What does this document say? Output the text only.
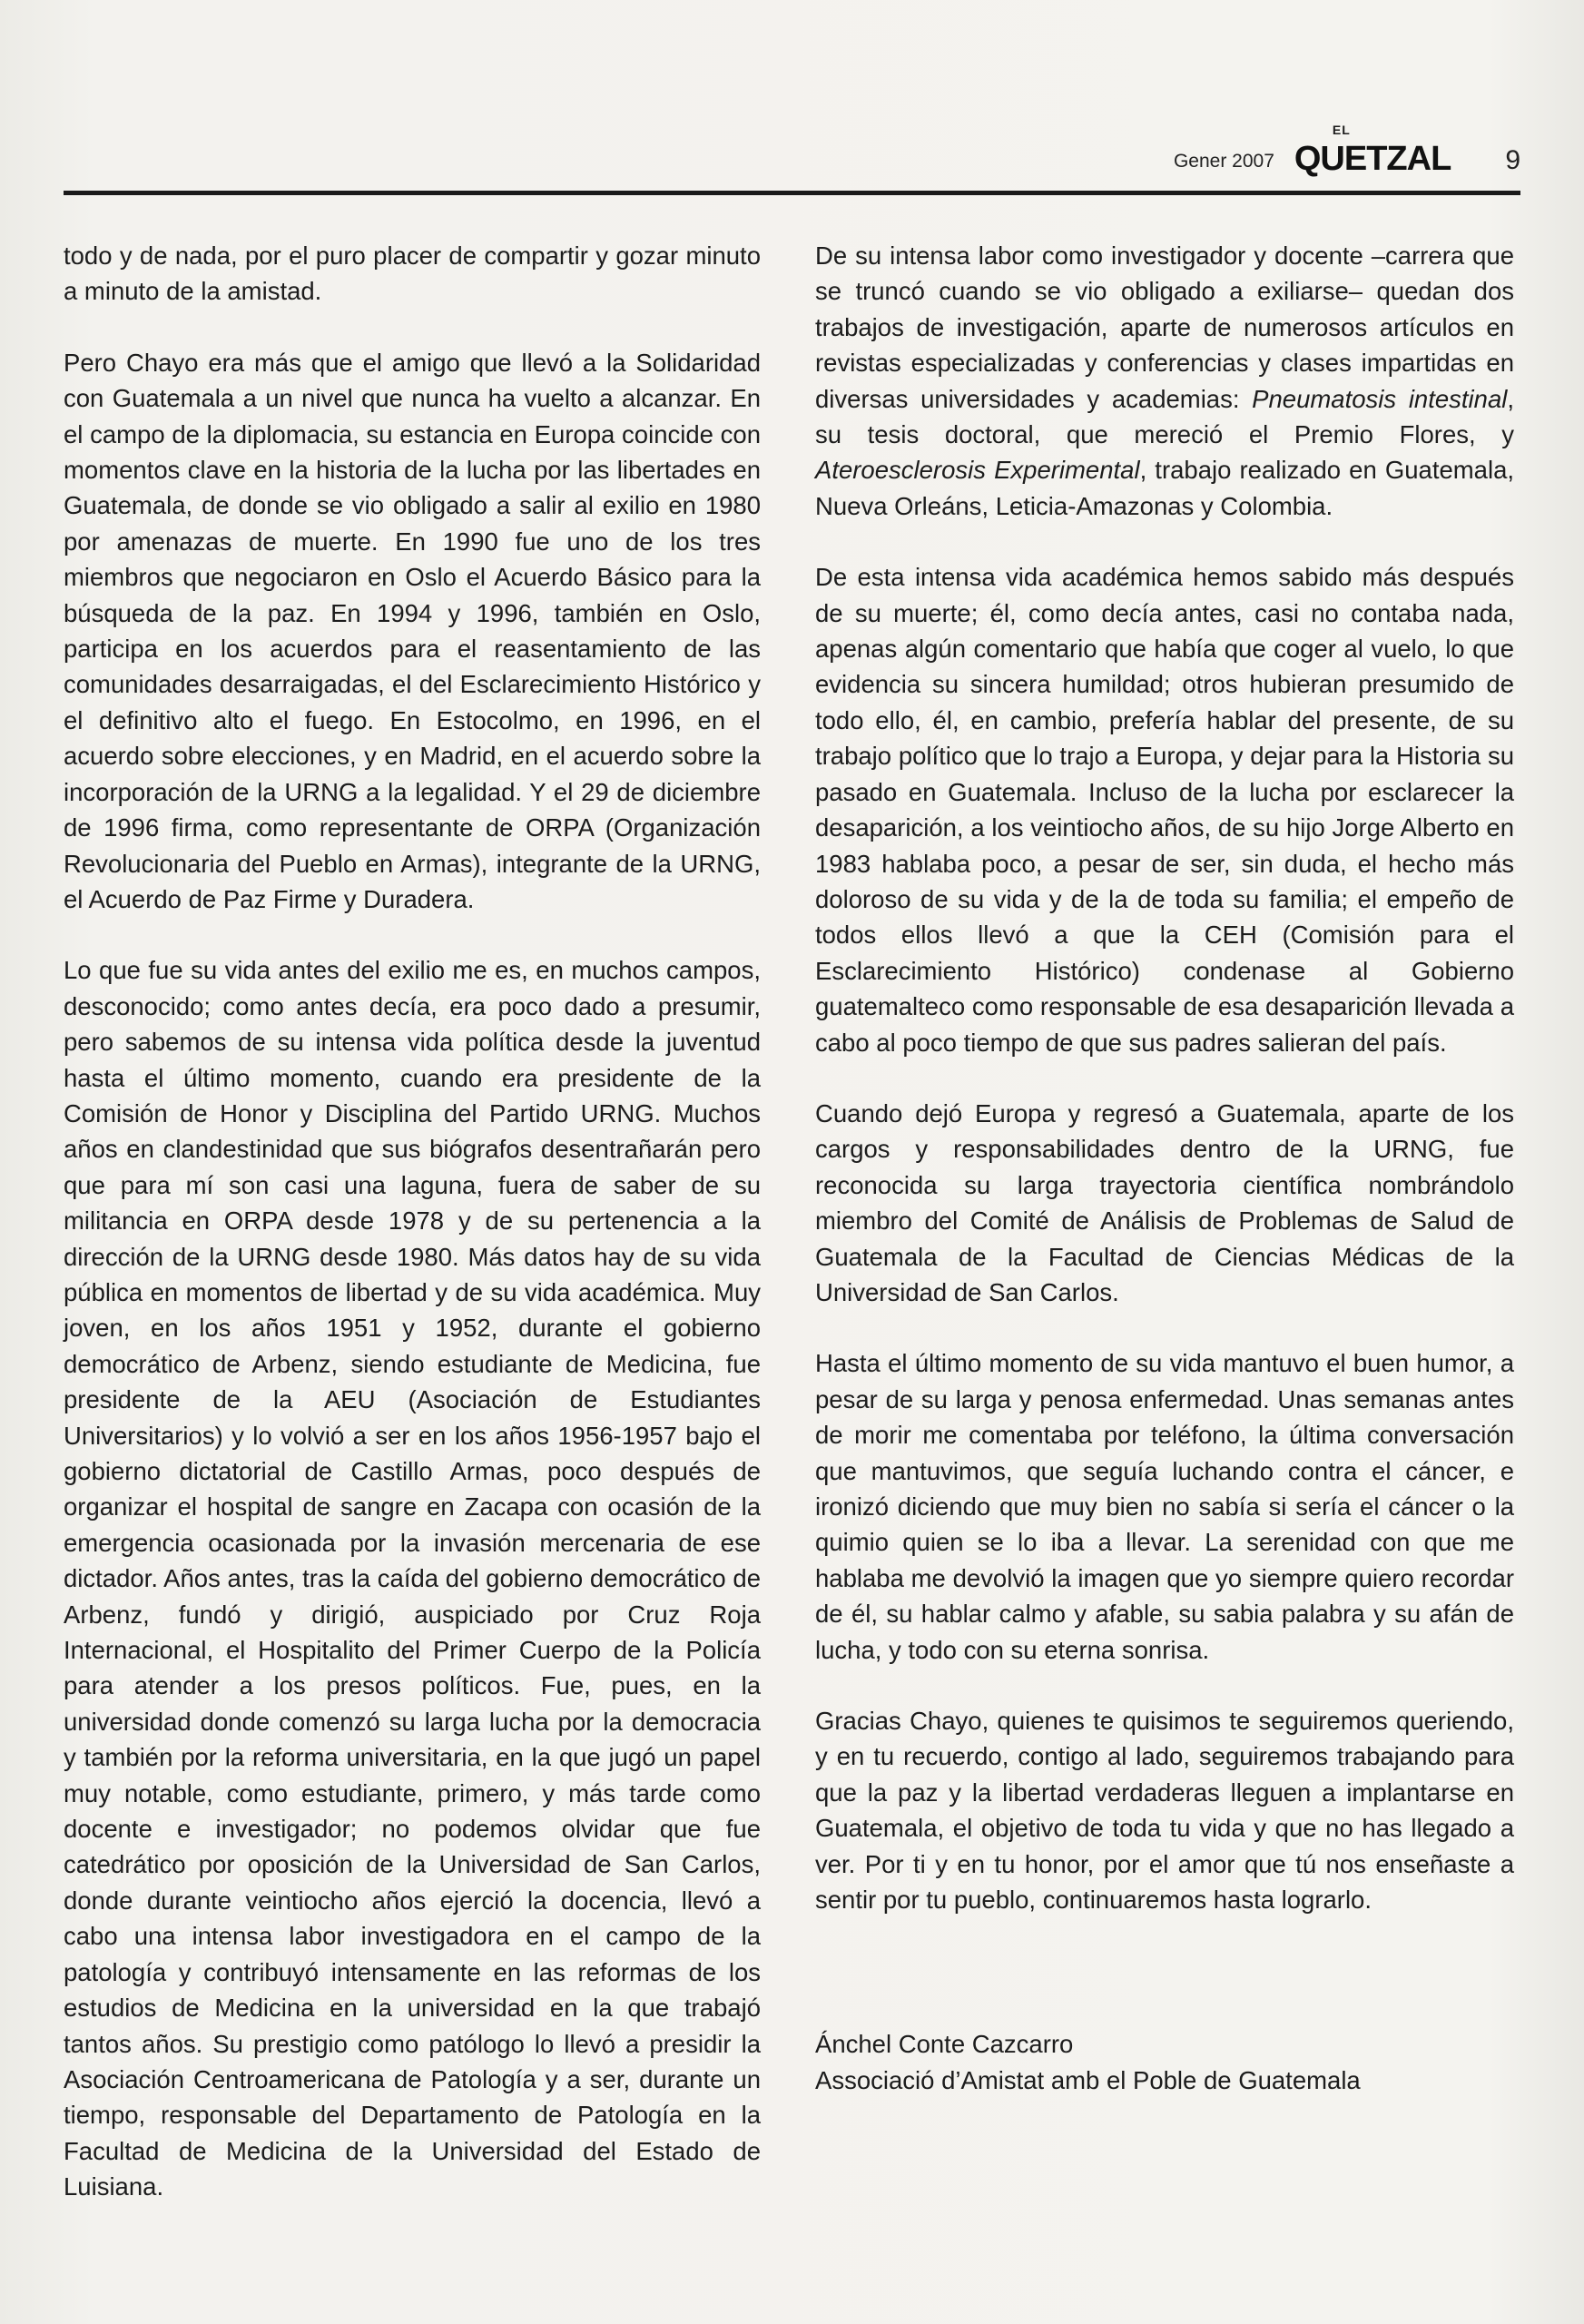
Gener 2007
EL
QUETZAL 9

todo y de nada, por el puro placer de compartir y gozar minuto a minuto de la amistad.

Pero Chayo era más que el amigo que llevó a la Solidaridad con Guatemala a un nivel que nunca ha vuelto a alcanzar. En el campo de la diplomacia, su estancia en Europa coincide con momentos clave en la historia de la lucha por las libertades en Guatemala, de donde se vio obligado a salir al exilio en 1980 por amenazas de muerte. En 1990 fue uno de los tres miembros que negociaron en Oslo el Acuerdo Básico para la búsqueda de la paz. En 1994 y 1996, también en Oslo, participa en los acuerdos para el reasentamiento de las comunidades desarraigadas, el del Esclarecimiento Histórico y el definitivo alto el fuego. En Estocolmo, en 1996, en el acuerdo sobre elecciones, y en Madrid, en el acuerdo sobre la incorporación de la URNG a la legalidad. Y el 29 de diciembre de 1996 firma, como representante de ORPA (Organización Revolucionaria del Pueblo en Armas), integrante de la URNG, el Acuerdo de Paz Firme y Duradera.

Lo que fue su vida antes del exilio me es, en muchos campos, desconocido; como antes decía, era poco dado a presumir, pero sabemos de su intensa vida política desde la juventud hasta el último momento, cuando era presidente de la Comisión de Honor y Disciplina del Partido URNG. Muchos años en clandestinidad que sus biógrafos desentrañarán pero que para mí son casi una laguna, fuera de saber de su militancia en ORPA desde 1978 y de su pertenencia a la dirección de la URNG desde 1980. Más datos hay de su vida pública en momentos de libertad y de su vida académica. Muy joven, en los años 1951 y 1952, durante el gobierno democrático de Arbenz, siendo estudiante de Medicina, fue presidente de la AEU (Asociación de Estudiantes Universitarios) y lo volvió a ser en los años 1956-1957 bajo el gobierno dictatorial de Castillo Armas, poco después de organizar el hospital de sangre en Zacapa con ocasión de la emergencia ocasionada por la invasión mercenaria de ese dictador. Años antes, tras la caída del gobierno democrático de Arbenz, fundó y dirigió, auspiciado por Cruz Roja Internacional, el Hospitalito del Primer Cuerpo de la Policía para atender a los presos políticos. Fue, pues, en la universidad donde comenzó su larga lucha por la democracia y también por la reforma universitaria, en la que jugó un papel muy notable, como estudiante, primero, y más tarde como docente e investigador; no podemos olvidar que fue catedrático por oposición de la Universidad de San Carlos, donde durante veintiocho años ejerció la docencia, llevó a cabo una intensa labor investigadora en el campo de la patología y contribuyó intensamente en las reformas de los estudios de Medicina en la universidad en la que trabajó tantos años. Su prestigio como patólogo lo llevó a presidir la Asociación Centroamericana de Patología y a ser, durante un tiempo, responsable del Departamento de Patología en la Facultad de Medicina de la Universidad del Estado de Luisiana.

De su intensa labor como investigador y docente –carrera que se truncó cuando se vio obligado a exiliarse– quedan dos trabajos de investigación, aparte de numerosos artículos en revistas especializadas y conferencias y clases impartidas en diversas universidades y academias: Pneumatosis intestinal, su tesis doctoral, que mereció el Premio Flores, y Ateroesclerosis Experimental, trabajo realizado en Guatemala, Nueva Orleáns, Leticia-Amazonas y Colombia.

De esta intensa vida académica hemos sabido más después de su muerte; él, como decía antes, casi no contaba nada, apenas algún comentario que había que coger al vuelo, lo que evidencia su sincera humildad; otros hubieran presumido de todo ello, él, en cambio, prefería hablar del presente, de su trabajo político que lo trajo a Europa, y dejar para la Historia su pasado en Guatemala. Incluso de la lucha por esclarecer la desaparición, a los veintiocho años, de su hijo Jorge Alberto en 1983 hablaba poco, a pesar de ser, sin duda, el hecho más doloroso de su vida y de la de toda su familia; el empeño de todos ellos llevó a que la CEH (Comisión para el Esclarecimiento Histórico) condenase al Gobierno guatemalteco como responsable de esa desaparición llevada a cabo al poco tiempo de que sus padres salieran del país.

Cuando dejó Europa y regresó a Guatemala, aparte de los cargos y responsabilidades dentro de la URNG, fue reconocida su larga trayectoria científica nombrándolo miembro del Comité de Análisis de Problemas de Salud de Guatemala de la Facultad de Ciencias Médicas de la Universidad de San Carlos.

Hasta el último momento de su vida mantuvo el buen humor, a pesar de su larga y penosa enfermedad. Unas semanas antes de morir me comentaba por teléfono, la última conversación que mantuvimos, que seguía luchando contra el cáncer, e ironizó diciendo que muy bien no sabía si sería el cáncer o la quimio quien se lo iba a llevar. La serenidad con que me hablaba me devolvió la imagen que yo siempre quiero recordar de él, su hablar calmo y afable, su sabia palabra y su afán de lucha, y todo con su eterna sonrisa.

Gracias Chayo, quienes te quisimos te seguiremos queriendo, y en tu recuerdo, contigo al lado, seguiremos trabajando para que la paz y la libertad verdaderas lleguen a implantarse en Guatemala, el objetivo de toda tu vida y que no has llegado a ver. Por ti y en tu honor, por el amor que tú nos enseñaste a sentir por tu pueblo, continuaremos hasta lograrlo.

Ánchel Conte Cazcarro
Associació d’Amistat amb el Poble de Guatemala
